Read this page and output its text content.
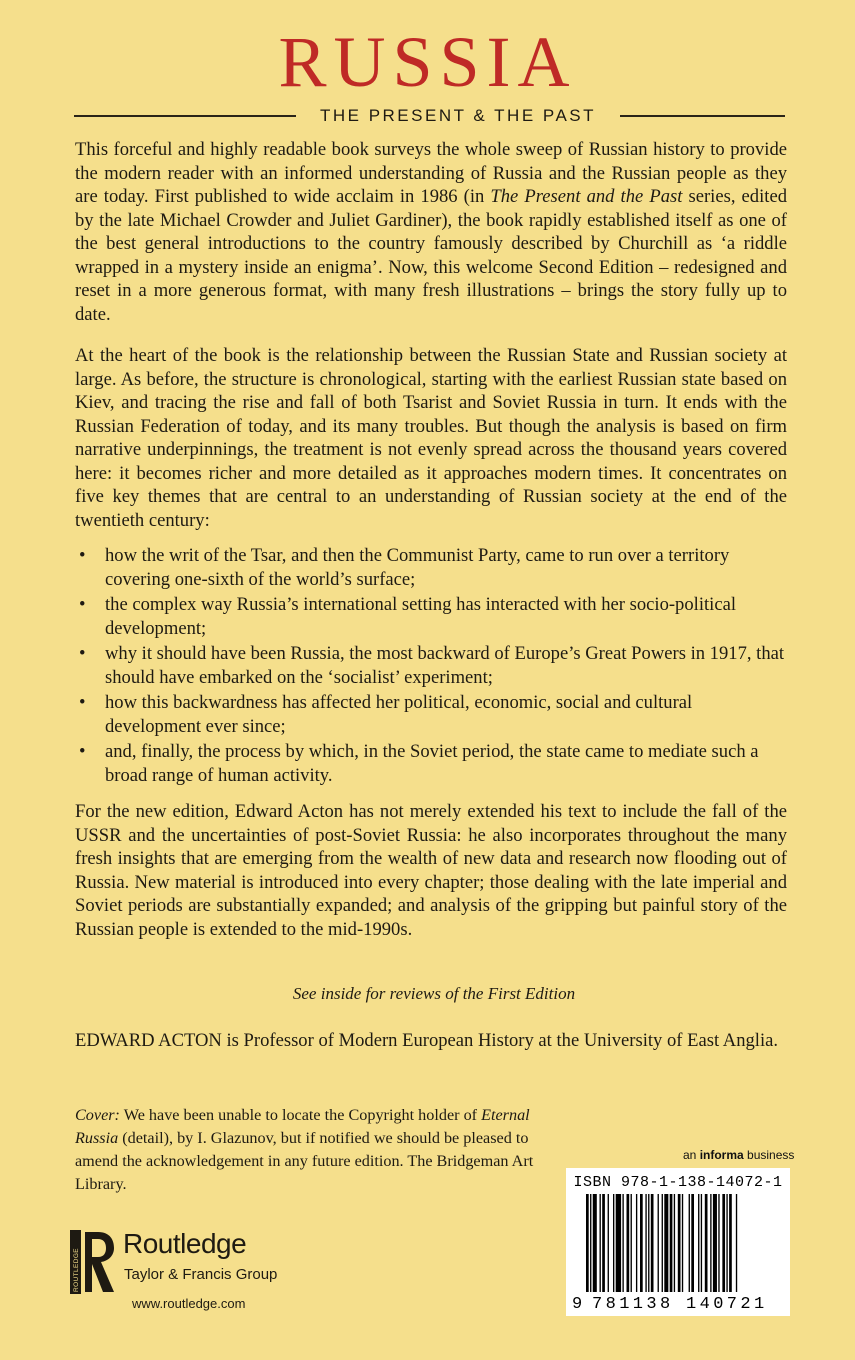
RUSSIA
THE PRESENT & THE PAST

This forceful and highly readable book surveys the whole sweep of Russian history to provide the modern reader with an informed understanding of Russia and the Russian people as they are today. First published to wide acclaim in 1986 (in The Present and the Past series, edited by the late Michael Crowder and Juliet Gardiner), the book rapidly established itself as one of the best general introductions to the country famously described by Churchill as ‘a riddle wrapped in a mystery inside an enigma’. Now, this welcome Second Edition – redesigned and reset in a more generous format, with many fresh illustrations – brings the story fully up to date.

At the heart of the book is the relationship between the Russian State and Russian society at large. As before, the structure is chronological, starting with the earliest Russian state based on Kiev, and tracing the rise and fall of both Tsarist and Soviet Russia in turn. It ends with the Russian Federation of today, and its many troubles. But though the analysis is based on firm narrative underpinnings, the treatment is not evenly spread across the thousand years covered here: it becomes richer and more detailed as it approaches modern times. It concentrates on five key themes that are central to an understanding of Russian society at the end of the twentieth century:

• how the writ of the Tsar, and then the Communist Party, came to run over a territory covering one-sixth of the world’s surface;
• the complex way Russia’s international setting has interacted with her socio-political development;
• why it should have been Russia, the most backward of Europe’s Great Powers in 1917, that should have embarked on the ‘socialist’ experiment;
• how this backwardness has affected her political, economic, social and cultural development ever since;
• and, finally, the process by which, in the Soviet period, the state came to mediate such a broad range of human activity.

For the new edition, Edward Acton has not merely extended his text to include the fall of the USSR and the uncertainties of post-Soviet Russia: he also incorporates throughout the many fresh insights that are emerging from the wealth of new data and research now flooding out of Russia. New material is introduced into every chapter; those dealing with the late imperial and Soviet periods are substantially expanded; and analysis of the gripping but painful story of the Russian people is extended to the mid-1990s.

See inside for reviews of the First Edition

EDWARD ACTON is Professor of Modern European History at the University of East Anglia.

Cover: We have been unable to locate the Copyright holder of Eternal Russia (detail), by I. Glazunov, but if notified we should be pleased to amend the acknowledgement in any future edition. The Bridgeman Art Library.

an informa business
ISBN 978-1-138-14072-1
9 781138 140721
ROUTLEDGE
Routledge
Taylor & Francis Group
www.routledge.com
